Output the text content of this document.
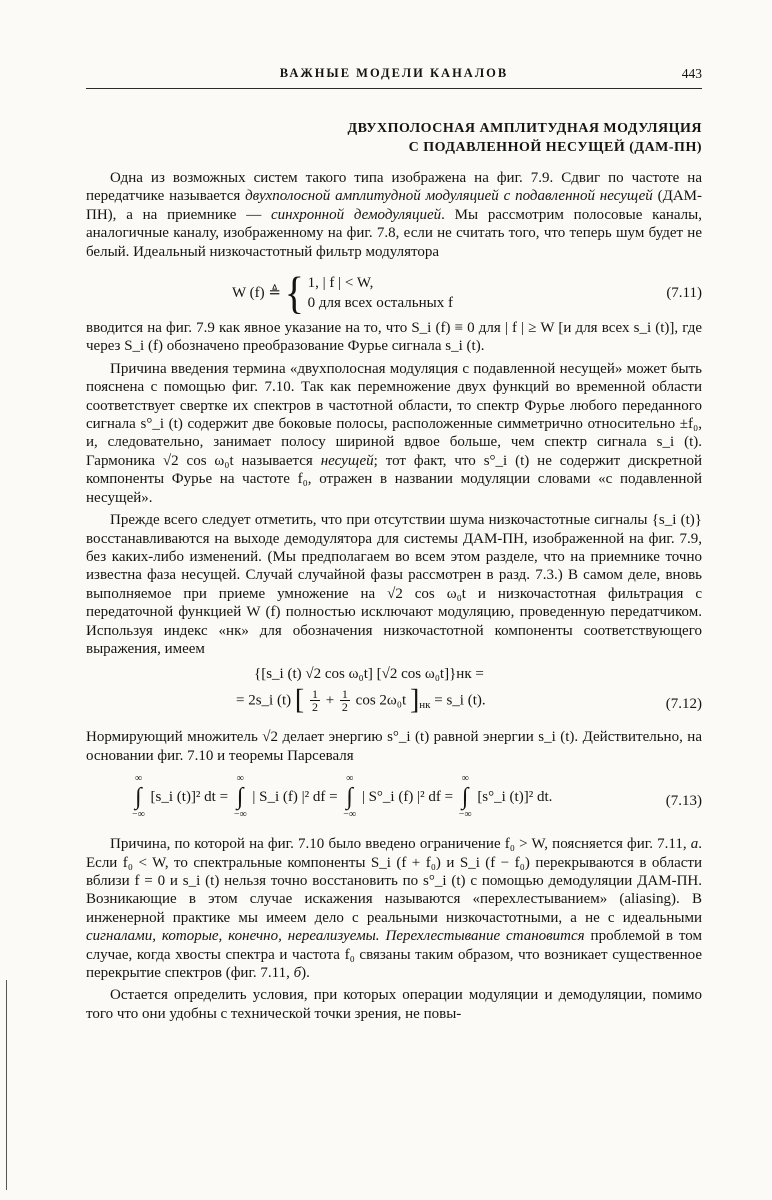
ВАЖНЫЕ МОДЕЛИ КАНАЛОВ	443
ДВУХПОЛОСНАЯ АМПЛИТУДНАЯ МОДУЛЯЦИЯ
С ПОДАВЛЕННОЙ НЕСУЩЕЙ (ДАМ-ПН)

Одна из возможных систем такого типа изображена на фиг. 7.9. Сдвиг по частоте на передатчике называется двухполосной амплитудной модуляцией с подавленной несущей (ДАМ-ПН), а на приемнике — синхронной демодуляцией. Мы рассмотрим полосовые каналы, аналогичные каналу, изображенному на фиг. 7.8, если не считать того, что теперь шум будет не белый. Идеальный низкочастотный фильтр модулятора

W (f) ≜ { 1, | f | < W,
0 для всех остальных f
(7.11)

вводится на фиг. 7.9 как явное указание на то, что S_i (f) ≡ 0 для | f | ≥ W [и для всех s_i (t)], где через S_i (f) обозначено преобразование Фурье сигнала s_i (t).

Причина введения термина «двухполосная модуляция с подавленной несущей» может быть пояснена с помощью фиг. 7.10. Так как перемножение двух функций во временной области соответствует свертке их спектров в частотной области, то спектр Фурье любого переданного сигнала s°_i (t) содержит две боковые полосы, расположенные симметрично относительно ±f₀, и, следовательно, занимает полосу шириной вдвое больше, чем спектр сигнала s_i (t). Гармоника √2 cos ω₀t называется несущей; тот факт, что s°_i (t) не содержит дискретной компоненты Фурье на частоте f₀, отражен в названии модуляции словами «с подавленной несущей».

Прежде всего следует отметить, что при отсутствии шума низкочастотные сигналы {s_i (t)} восстанавливаются на выходе демодулятора для системы ДАМ-ПН, изображенной на фиг. 7.9, без каких-либо изменений. (Мы предполагаем во всем этом разделе, что на приемнике точно известна фаза несущей. Случай случайной фазы рассмотрен в разд. 7.3.) В самом деле, вновь выполняемое при приеме умножение на √2 cos ω₀t и низкочастотная фильтрация с передаточной функцией W (f) полностью исключают модуляцию, проведенную передатчиком. Используя индекс «нк» для обозначения низкочастотной компоненты соответствующего выражения, имеем

{[s_i (t) √2 cos ω₀t] [√2 cos ω₀t]}нк =
= 2s_i (t) [ $\frac{1}{2} + \frac{1}{2}$ cos 2ω₀t ]$_{нк}$ = s_i (t).	(7.12)

Нормирующий множитель √2 делает энергию s°_i (t) равной энергии s_i (t). Действительно, на основании фиг. 7.10 и теоремы Парсеваля

∞
∫
−∞
[s_i (t)]² dt =
∞
∫
−∞
| S_i (f) |² df =
∞
∫
−∞
| S°_i (f) |² df =
∞
∫
−∞
[s°_i (t)]² dt.	(7.13)

Причина, по которой на фиг. 7.10 было введено ограничение f₀ > W, поясняется фиг. 7.11, а. Если f₀ < W, то спектральные компоненты S_i (f + f₀) и S_i (f − f₀) перекрываются в области вблизи f = 0 и s_i (t) нельзя точно восстановить по s°_i (t) с помощью демодуляции ДАМ-ПН. Возникающие в этом случае искажения называются «перехлестыванием» (aliasing). В инженерной практике мы имеем дело с реальными низкочастотными, а не с идеальными сигналами, которые, конечно, нереализуемы. Перехлестывание становится проблемой в том случае, когда хвосты спектра и частота f₀ связаны таким образом, что возникает существенное перекрытие спектров (фиг. 7.11, б).

Остается определить условия, при которых операции модуляции и демодуляции, помимо того что они удобны с технической точки зрения, не повы-
